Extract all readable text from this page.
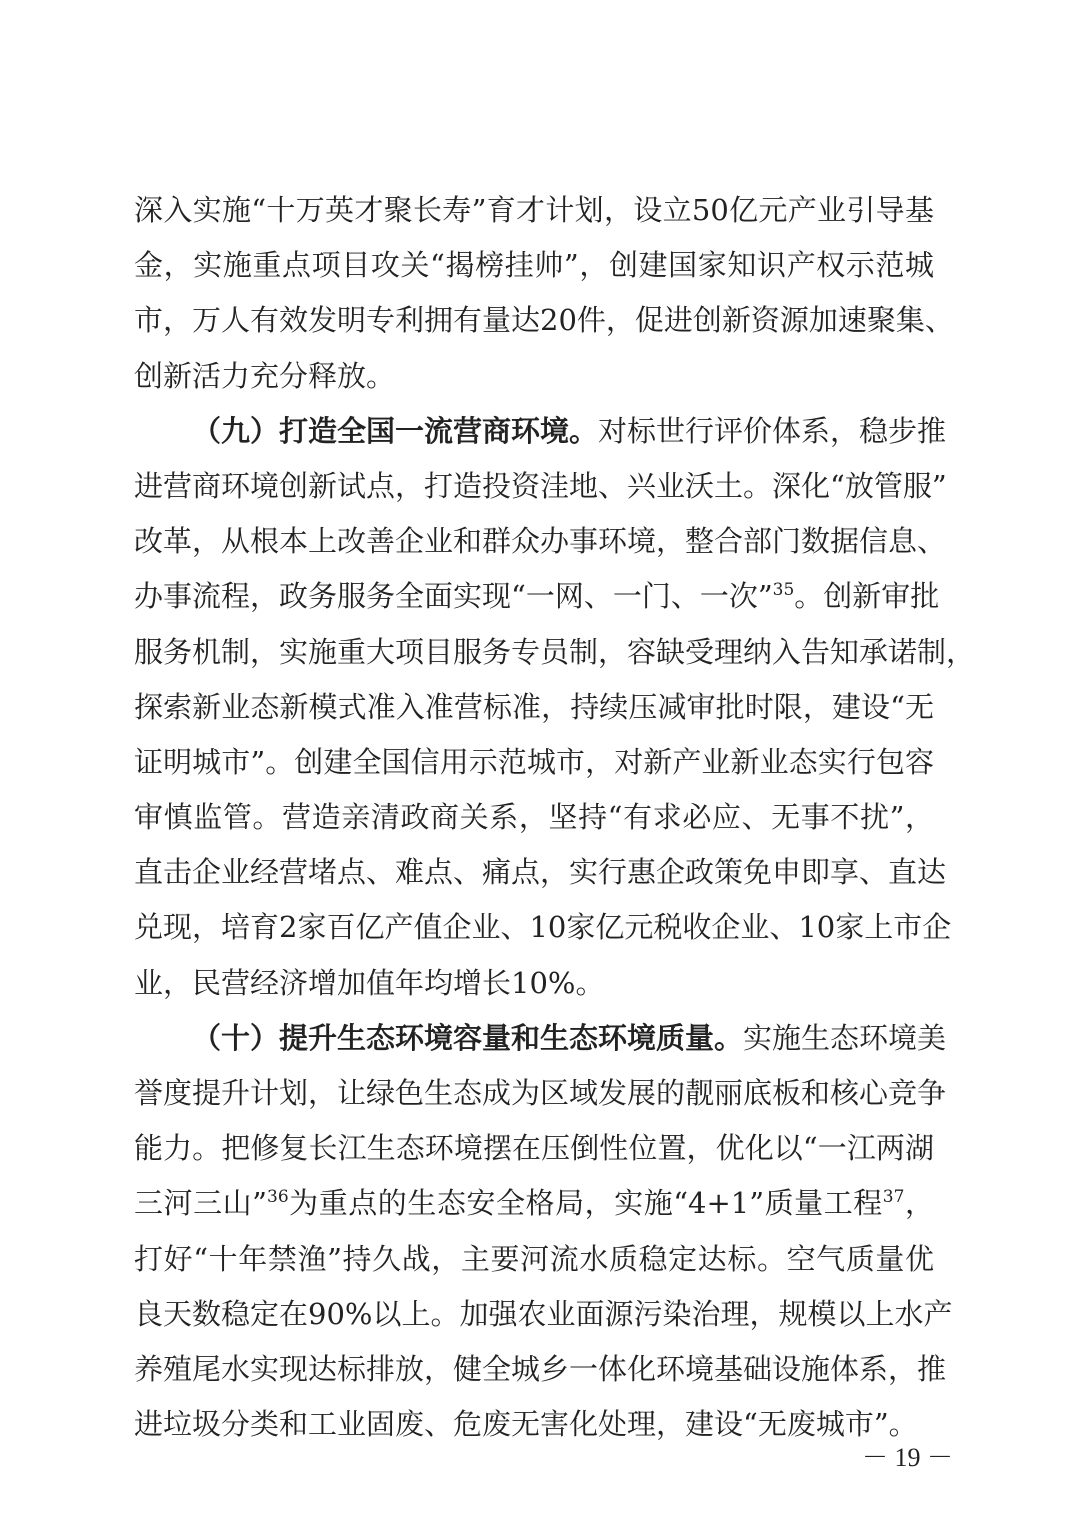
深入实施“十万英才聚长寿”育才计划，设立50亿元产业引导基
金，实施重点项目攻关“揭榜挂帅”，创建国家知识产权示范城
市，万人有效发明专利拥有量达20件，促进创新资源加速聚集、
创新活力充分释放。
（九）打造全国一流营商环境。对标世行评价体系，稳步推
进营商环境创新试点，打造投资洼地、兴业沃土。深化“放管服”
改革，从根本上改善企业和群众办事环境，整合部门数据信息、
办事流程，政务服务全面实现“一网、一门、一次”$^{35}$。创新审批
服务机制，实施重大项目服务专员制，容缺受理纳入告知承诺制，
探索新业态新模式准入准营标准，持续压减审批时限，建设“无
证明城市”。创建全国信用示范城市，对新产业新业态实行包容
审慎监管。营造亲清政商关系，坚持“有求必应、无事不扰”，
直击企业经营堵点、难点、痛点，实行惠企政策免申即享、直达
兑现，培育2家百亿产值企业、10家亿元税收企业、10家上市企
业，民营经济增加值年均增长10%。
（十）提升生态环境容量和生态环境质量。实施生态环境美
誉度提升计划，让绿色生态成为区域发展的靓丽底板和核心竞争
能力。把修复长江生态环境摆在压倒性位置，优化以“一江两湖
三河三山”$^{36}$为重点的生态安全格局，实施“4+1”质量工程$^{37}$，
打好“十年禁渔”持久战，主要河流水质稳定达标。空气质量优
良天数稳定在90%以上。加强农业面源污染治理，规模以上水产
养殖尾水实现达标排放，健全城乡一体化环境基础设施体系，推
进垃圾分类和工业固废、危废无害化处理，建设“无废城市”。
－ 19 －
